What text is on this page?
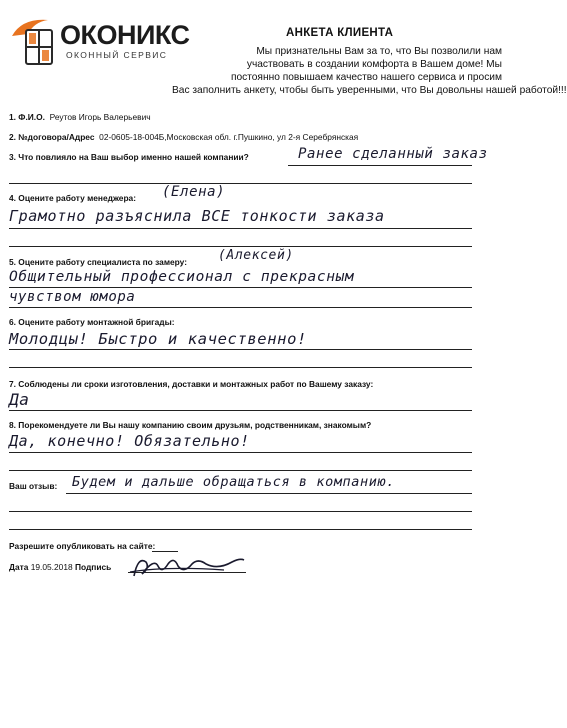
ОКОНИКС
ОКОННЫЙ СЕРВИС
АНКЕТА КЛИЕНТА
Мы признательны Вам за то, что Вы позволили нам
участвовать в создании комфорта в Вашем доме! Мы
постоянно повышаем качество нашего сервиса и просим
Вас заполнить анкету, чтобы быть уверенными, что Вы довольны нашей работой!!!
1. Ф.И.О. Реутов Игорь Валерьевич
2. №договора/Адрес 02-0605-18-004Б,Московская обл. г.Пушкино, ул 2-я Серебрянская
3. Что повлияло на Ваш выбор именно нашей компании?	Ранее сделанный заказ
4. Оцените работу менеджера: (Елена)
Грамотно разъяснила ВСЕ тонкости заказа
5. Оцените работу специалиста по замеру: (Алексей)
Общительный профессионал с прекрасным
чувством юмора
6. Оцените работу монтажной бригады:
Молодцы! Быстро и качественно!
7. Соблюдены ли сроки изготовления, доставки и монтажных работ по Вашему заказу:
Да
8. Порекомендуете ли Вы нашу компанию своим друзьям, родственникам, знакомым?
Да, конечно! Обязательно!
Ваш отзыв: Будем и дальше обращаться в компанию.
Разрешите опубликовать на сайте:
Дата 19.05.2018 Подпись
